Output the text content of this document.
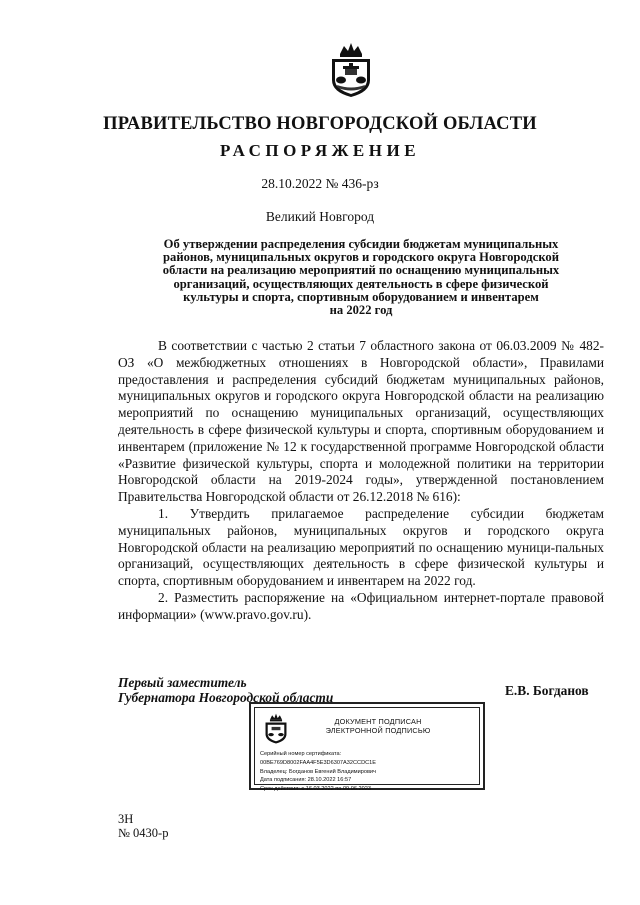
ПРАВИТЕЛЬСТВО НОВГОРОДСКОЙ ОБЛАСТИ
РАСПОРЯЖЕНИЕ
28.10.2022 № 436-рз
Великий Новгород
Об утверждении распределения субсидии бюджетам муниципальных
районов, муниципальных округов и городского округа Новгородской
области на реализацию мероприятий по оснащению муниципальных
организаций, осуществляющих деятельность в сфере физической
культуры и спорта, спортивным оборудованием и инвентарем
на 2022 год

В соответствии с частью 2 статьи 7 областного закона от 06.03.2009 № 482-ОЗ «О межбюджетных отношениях в Новгородской области», Правилами предоставления и распределения субсидий бюджетам муниципальных районов, муниципальных округов и городского округа Новгородской области на реализацию мероприятий по оснащению муниципальных организаций, осуществляющих деятельность в сфере физической культуры и спорта, спортивным оборудованием и инвентарем (приложение № 12 к государственной программе Новгородской области «Развитие физической культуры, спорта и молодежной политики на территории Новгородской области на 2019-2024 годы», утвержденной постановлением Правительства Новгородской области от 26.12.2018 № 616):

1. Утвердить прилагаемое распределение субсидии бюджетам муниципальных районов, муниципальных округов и городского округа Новгородской области на реализацию мероприятий по оснащению муници-пальных организаций, осуществляющих деятельность в сфере физической культуры и спорта, спортивным оборудованием и инвентарем на 2022 год.

2. Разместить распоряжение на «Официальном интернет-портале правовой информации» (www.pravo.gov.ru).

Первый заместитель
Губернатора Новгородской области	Е.В. Богданов
ДОКУМЕНТ ПОДПИСАН
ЭЛЕКТРОННОЙ ПОДПИСЬЮ
Серийный номер сертификата:
00BE769D8002FAA4F5E3D6307A32CCDC1E
Владелец: Богданов Евгений Владимирович
Дата подписания: 28.10.2022 16:57
Срок действия: с 16.03.2022 по 09.06.2023
3Н
№ 0430-р
